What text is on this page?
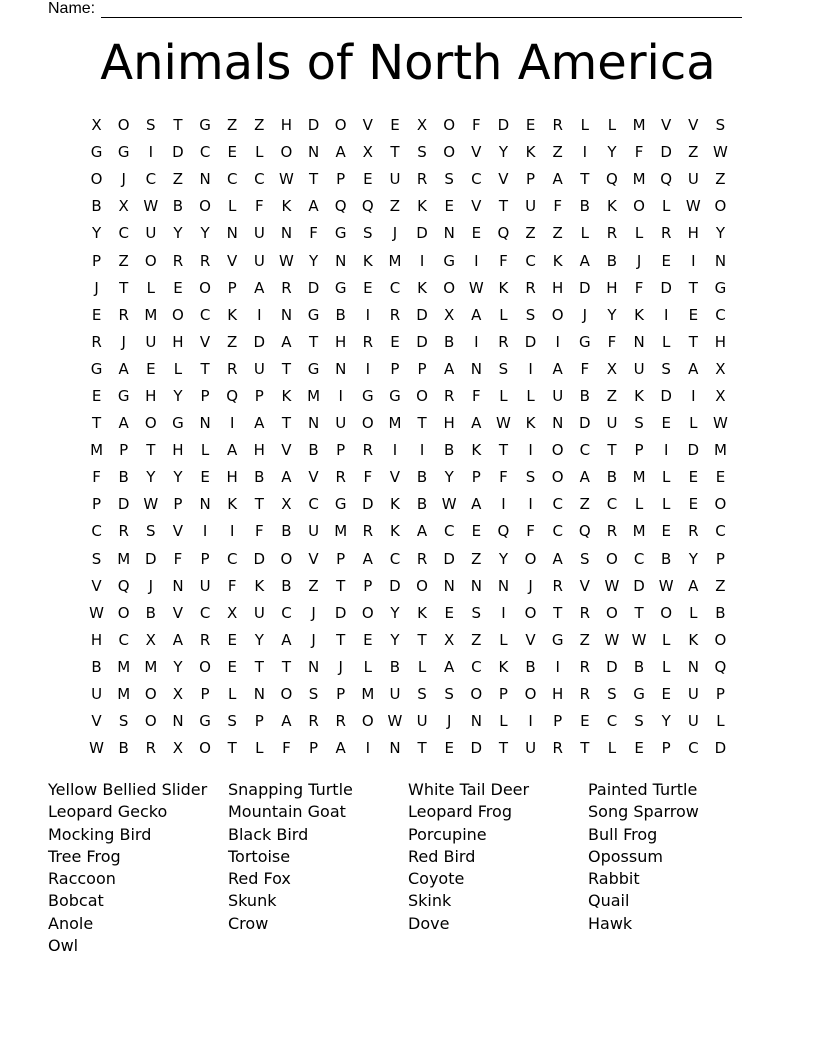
Name:
Animals of North America
X	O	S	T	G	Z	Z	H	D	O	V	E	X	O	F	D	E	R	L	L	M	V	V	S
G	G	I	D	C	E	L	O	N	A	X	T	S	O	V	Y	K	Z	I	Y	F	D	Z W
O	J	C	Z	N	C	C W	T	P	E	U	R	S	C	V	P	A	T	Q M Q	U	Z
B	X W B	O	L	F	K	A	Q	Q	Z	K	E	V	T	U	F	B	K	O	L	W O
Y	C	U	Y	Y	N	U	N	F	G	S	J	D	N	E	Q	Z	Z	L	R	L	R	H	Y
P	Z	O	R	R	V	U W	Y	N	K	M	I	G	I	F	C	K	A	B	J	E	I	N
J	T	L	E	O	P	A	R	D	G	E	C	K	O W K	R	H	D	H	F	D	T	G
E	R	M O	C	K	I	N	G	B	I	R	D	X	A	L	S	O	J	Y	K	I	E	C
R	J	U	H	V	Z	D	A	T	H	R	E	D	B	I	R	D	I	G	F	N	L	T	H
G	A	E	L	T	R	U	T	G	N	I	P	P	A	N	S	I	A	F	X	U	S	A	X
E	G	H	Y	P	Q	P	K	M	I	G	G	O	R	F	L	L	U	B	Z	K	D	I	X
T	A	O	G	N	I	A	T	N	U	O M	T	H	A W K	N	D	U	S	E	L	W
M	P	T	H	L	A	H	V	B	P	R	I	I	B	K	T	I	O	C	T	P	I	D M
F	B	Y	Y	E	H	B	A	V	R	F	V	B	Y	P	F	S	O	A	B	M	L	E	E
P	D W	P	N	K	T	X	C	G	D	K	B W A	I	I	C	Z	C	L	L	E	O
C	R	S	V	I	I	F	B	U	M	R	K	A	C	E	Q	F	C	Q	R	M	E	R	C
S	M D	F	P	C	D	O	V	P	A	C	R	D	Z	Y	O	A	S	O	C	B	Y	P
V	Q	J	N	U	F	K	B	Z	T	P	D	O	N	N	N	J	R	V W D W A	Z
W O	B	V	C	X	U	C	J	D	O	Y	K	E	S	I	O	T	R	O	T	O	L	B
H	C	X	A	R	E	Y	A	J	T	E	Y	T	X	Z	L	V	G	Z W W	L	K	O
B	M M	Y	O	E	T	T	N	J	L	B	L	A	C	K	B	I	R	D	B	L	N	Q
U	M O	X	P	L	N	O	S	P	M	U	S	S	O	P	O	H	R	S	G	E	U	P
V	S	O	N	G	S	P	A	R	R	O W U	J	N	L	I	P	E	C	S	Y	U	L
W B	R	X	O	T	L	F	P	A	I	N	T	E	D	T	U	R	T	L	E	P	C	D
Yellow Bellied Slider	Snapping Turtle	White Tail Deer	Painted Turtle
Leopard Gecko	Mountain Goat	Leopard Frog	Song Sparrow
Mocking Bird	Black Bird	Porcupine	Bull Frog
Tree Frog	Tortoise	Red Bird	Opossum
Raccoon	Red Fox	Coyote	Rabbit
Bobcat	Skunk	Skink	Quail
Anole	Crow	Dove	Hawk
Owl
